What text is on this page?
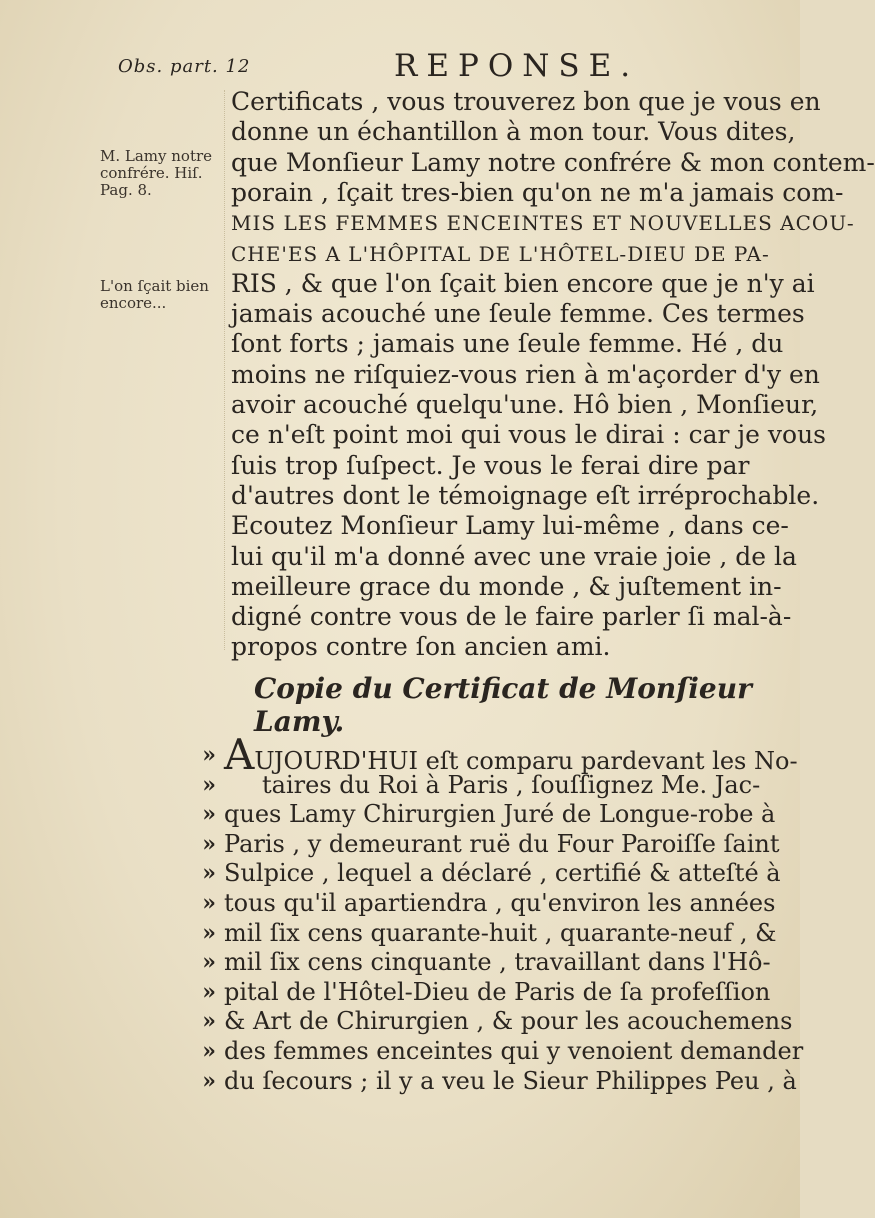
Obs. part. 12	REPONSE.
M. Lamy notre confrére. Hiſ. Pag. 8.
L'on ſçait bien encore...
Certificats , vous trouverez bon que je vous en
donne un échantillon à mon tour. Vous dites,
que Monſieur Lamy notre confrére & mon contem-
porain , ſçait tres-bien qu'on ne m'a jamais com-
MIS LES FEMMES ENCEINTES ET NOUVELLES ACOU-
CHE'ES A L'HÔPITAL DE L'HÔTEL-DIEU DE PA-
RIS , & que l'on ſçait bien encore que je n'y ai
jamais acouché une ſeule femme. Ces termes
ſont forts ; jamais une ſeule femme. Hé , du
moins ne riſquiez-vous rien à m'açorder d'y en
avoir acouché quelqu'une. Hô bien , Monſieur,
ce n'eſt point moi qui vous le dirai : car je vous
ſuis trop ſuſpect. Je vous le ferai dire par
d'autres dont le témoignage eſt irréprochable.
Ecoutez Monſieur Lamy lui-même , dans ce-
lui qu'il m'a donné avec une vraie joie , de la
meilleure grace du monde , & juſtement in-
digné contre vous de le faire parler ſi mal-à-
propos contre ſon ancien ami.
Copie du Certificat de Monſieur Lamy.
» AUJOURD'HUI eſt comparu pardevant les No-
» taires du Roi à Paris , ſouſſignez Me. Jac-
» ques Lamy Chirurgien Juré de Longue-robe à
» Paris , y demeurant ruë du Four Paroiſſe ſaint
» Sulpice , lequel a déclaré , certifié & atteſté à
» tous qu'il apartiendra , qu'environ les années
» mil ſix cens quarante-huit , quarante-neuf , &
» mil ſix cens cinquante , travaillant dans l'Hô-
» pital de l'Hôtel-Dieu de Paris de ſa profeſſion
» & Art de Chirurgien , & pour les acouchemens
» des femmes enceintes qui y venoient demander
» du ſecours ; il y a veu le Sieur Philippes Peu , à
